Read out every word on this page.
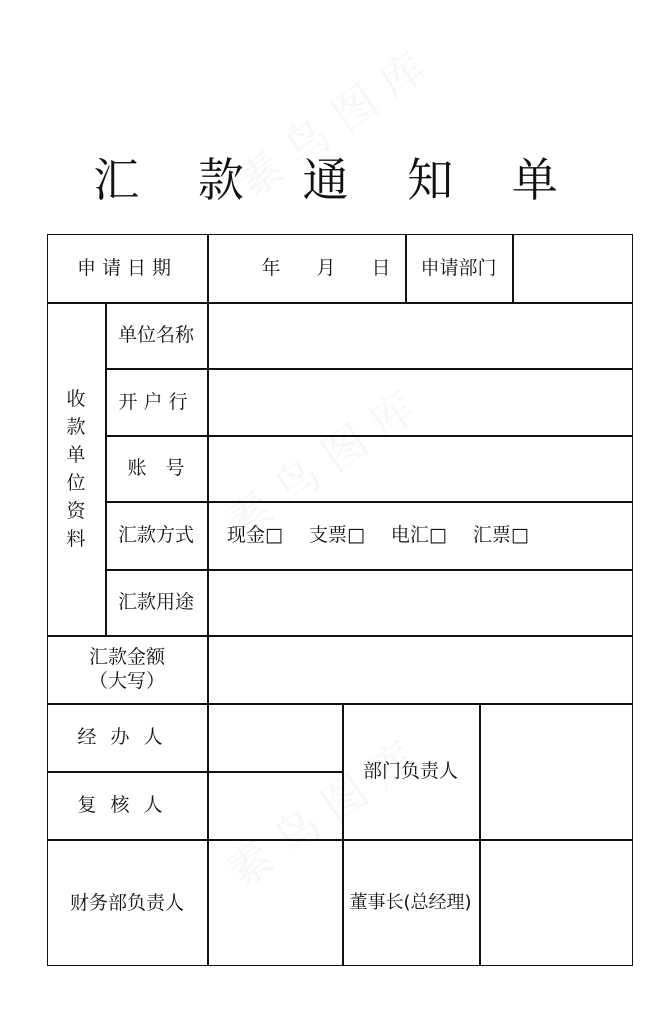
汇 款 通 知 单
申请日期	年 月 日	申请部门
收
款
单
位
资
料
单位名称
开户行
账　号
汇款方式	现金□ 支票□ 电汇□ 汇票□
汇款用途
汇款金额
（大写）
经办人
复核人
部门负责人
财务部负责人	董事长(总经理)
